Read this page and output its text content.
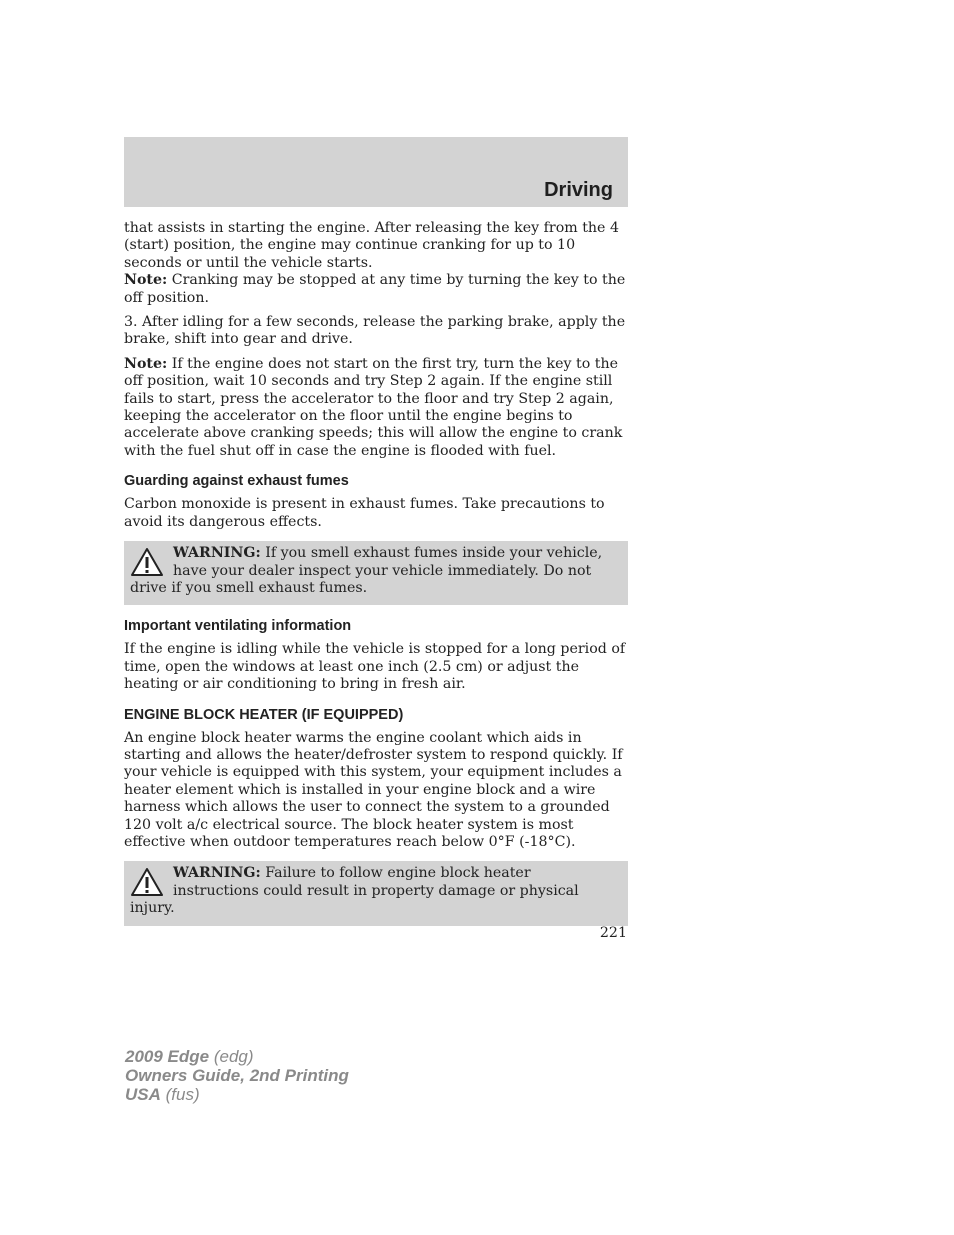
Driving

that assists in starting the engine. After releasing the key from the 4 (start) position, the engine may continue cranking for up to 10 seconds or until the vehicle starts.

Note: Cranking may be stopped at any time by turning the key to the off position.

3. After idling for a few seconds, release the parking brake, apply the brake, shift into gear and drive.

Note: If the engine does not start on the first try, turn the key to the off position, wait 10 seconds and try Step 2 again. If the engine still fails to start, press the accelerator to the floor and try Step 2 again, keeping the accelerator on the floor until the engine begins to accelerate above cranking speeds; this will allow the engine to crank with the fuel shut off in case the engine is flooded with fuel.

Guarding against exhaust fumes

Carbon monoxide is present in exhaust fumes. Take precautions to avoid its dangerous effects.

WARNING: If you smell exhaust fumes inside your vehicle, have your dealer inspect your vehicle immediately. Do not drive if you smell exhaust fumes.
Important ventilating information

If the engine is idling while the vehicle is stopped for a long period of time, open the windows at least one inch (2.5 cm) or adjust the heating or air conditioning to bring in fresh air.

ENGINE BLOCK HEATER (IF EQUIPPED)

An engine block heater warms the engine coolant which aids in starting and allows the heater/defroster system to respond quickly. If your vehicle is equipped with this system, your equipment includes a heater element which is installed in your engine block and a wire harness which allows the user to connect the system to a grounded 120 volt a/c electrical source. The block heater system is most effective when outdoor temperatures reach below 0°F (-18°C).

WARNING: Failure to follow engine block heater instructions could result in property damage or physical injury.
221
2009 Edge (edg)
Owners Guide, 2nd Printing
USA (fus)
